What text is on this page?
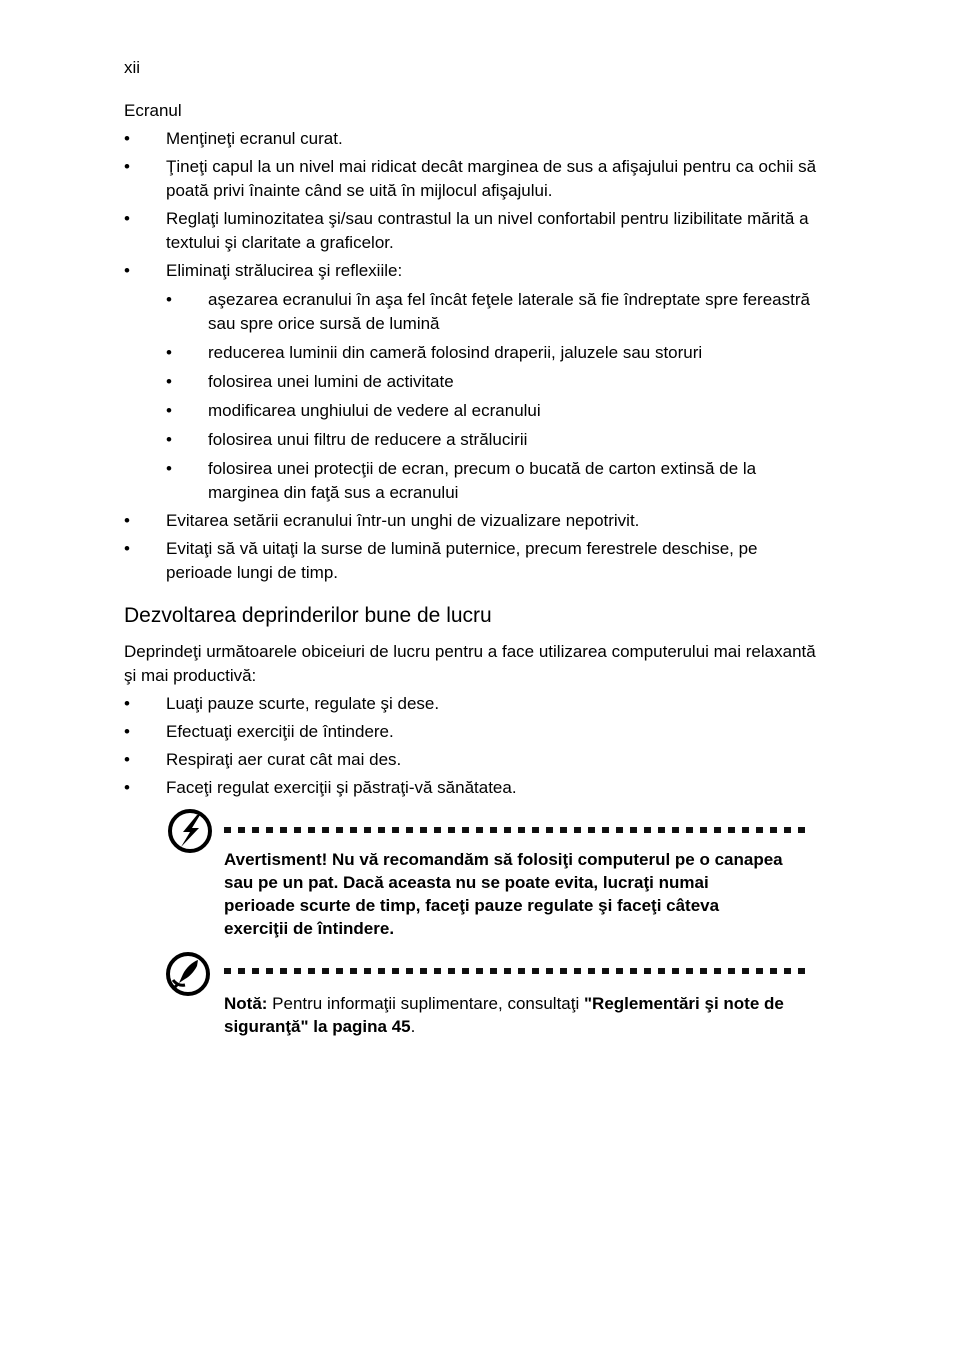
xii

Ecranul

• Menţineţi ecranul curat.
• Ţineţi capul la un nivel mai ridicat decât marginea de sus a afişajului pentru ca ochii să poată privi înainte când se uită în mijlocul afişajului.
• Reglaţi luminozitatea şi/sau contrastul la un nivel confortabil pentru lizibilitate mărită a textului şi claritate a graficelor.
• Eliminaţi strălucirea şi reflexiile:
• aşezarea ecranului în aşa fel încât feţele laterale să fie îndreptate spre fereastră sau spre orice sursă de lumină
• reducerea luminii din cameră folosind draperii, jaluzele sau storuri
• folosirea unei lumini de activitate
• modificarea unghiului de vedere al ecranului
• folosirea unui filtru de reducere a strălucirii
• folosirea unei protecţii de ecran, precum o bucată de carton extinsă de la marginea din faţă sus a ecranului
• Evitarea setării ecranului într-un unghi de vizualizare nepotrivit.
• Evitaţi să vă uitaţi la surse de lumină puternice, precum ferestrele deschise, pe perioade lungi de timp.

Dezvoltarea deprinderilor bune de lucru

Deprindeţi următoarele obiceiuri de lucru pentru a face utilizarea computerului mai relaxantă şi mai productivă:

• Luaţi pauze scurte, regulate şi dese.
• Efectuaţi exerciţii de întindere.
• Respiraţi aer curat cât mai des.
• Faceţi regulat exerciţii şi păstraţi-vă sănătatea.
Avertisment! Nu vă recomandăm să folosiţi computerul pe o canapea sau pe un pat. Dacă aceasta nu se poate evita, lucraţi numai perioade scurte de timp, faceţi pauze regulate şi faceţi câteva exerciţii de întindere.
Notă: Pentru informaţii suplimentare, consultaţi "Reglementări şi note de siguranţă" la pagina 45.
